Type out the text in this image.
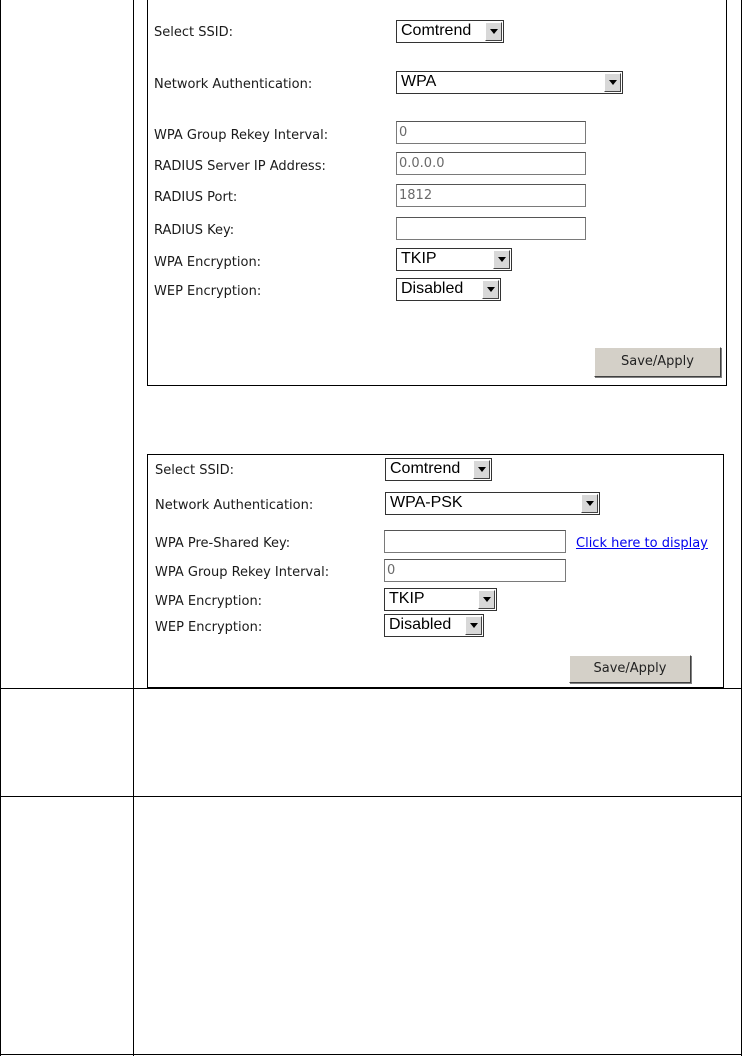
Select SSID:	Comtrend
Network Authentication:	WPA
WPA Group Rekey Interval:	0
RADIUS Server IP Address:	0.0.0.0
RADIUS Port:	1812
RADIUS Key:
WPA Encryption:	TKIP
WEP Encryption:	Disabled
Save/Apply
Select SSID:	Comtrend
Network Authentication:	WPA-PSK
WPA Pre-Shared Key:	Click here to display
WPA Group Rekey Interval:	0
WPA Encryption:	TKIP
WEP Encryption:	Disabled
Save/Apply
